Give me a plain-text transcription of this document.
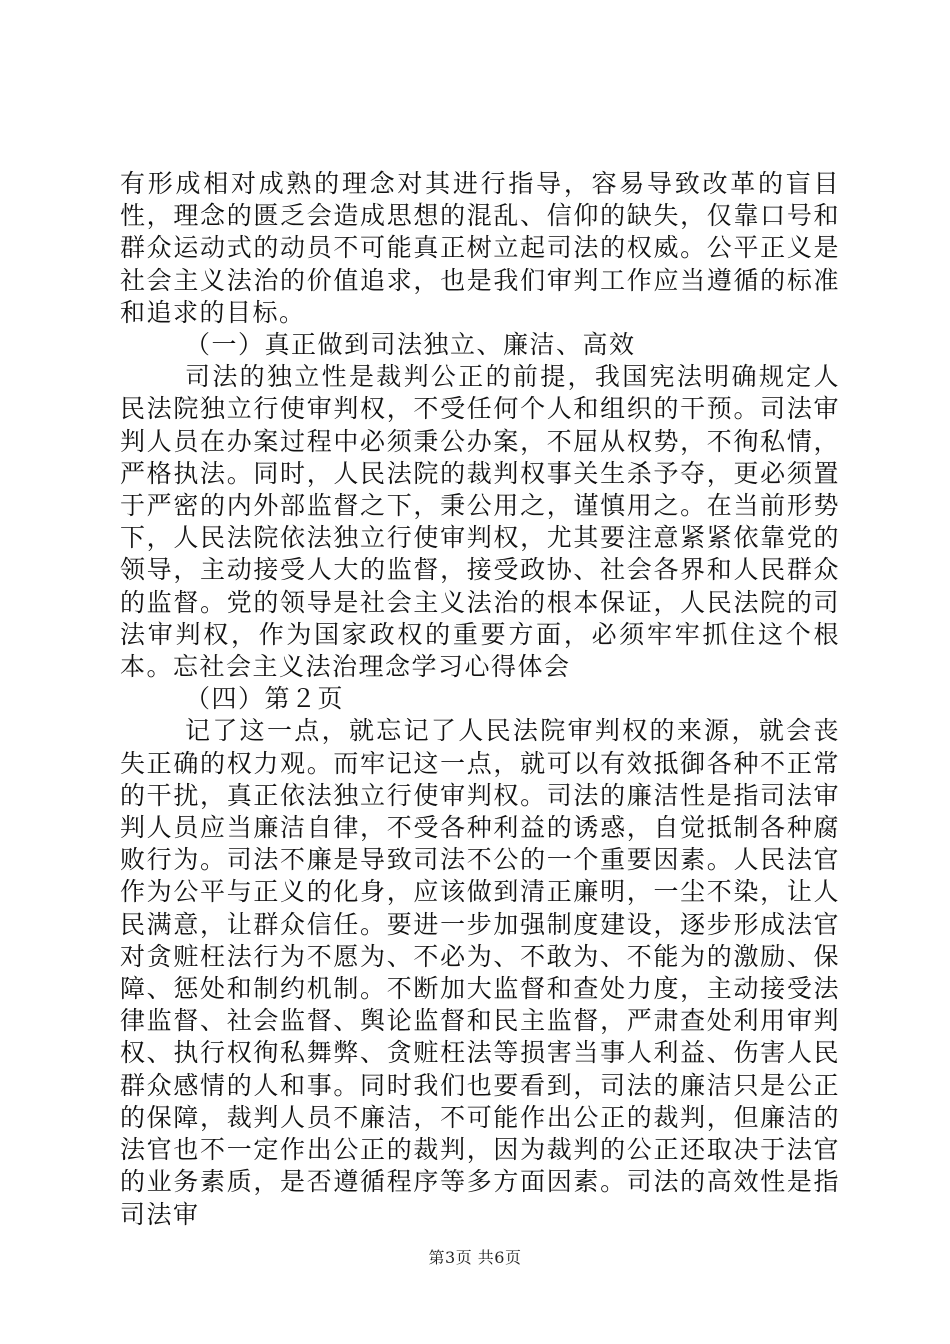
有形成相对成熟的理念对其进行指导，容易导致改革的盲目性，理念的匮乏会造成思想的混乱、信仰的缺失，仅靠口号和群众运动式的动员不可能真正树立起司法的权威。公平正义是社会主义法治的价值追求，也是我们审判工作应当遵循的标准和追求的目标。

（一）真正做到司法独立、廉洁、高效

司法的独立性是裁判公正的前提，我国宪法明确规定人民法院独立行使审判权，不受任何个人和组织的干预。司法审判人员在办案过程中必须秉公办案，不屈从权势，不徇私情，严格执法。同时，人民法院的裁判权事关生杀予夺，更必须置于严密的内外部监督之下，秉公用之，谨慎用之。在当前形势下，人民法院依法独立行使审判权，尤其要注意紧紧依靠党的领导，主动接受人大的监督，接受政协、社会各界和人民群众的监督。党的领导是社会主义法治的根本保证，人民法院的司法审判权，作为国家政权的重要方面，必须牢牢抓住这个根本。忘社会主义法治理念学习心得体会

（四）第２页

记了这一点，就忘记了人民法院审判权的来源，就会丧失正确的权力观。而牢记这一点，就可以有效抵御各种不正常的干扰，真正依法独立行使审判权。司法的廉洁性是指司法审判人员应当廉洁自律，不受各种利益的诱惑，自觉抵制各种腐败行为。司法不廉是导致司法不公的一个重要因素。人民法官作为公平与正义的化身，应该做到清正廉明，一尘不染，让人民满意，让群众信任。要进一步加强制度建设，逐步形成法官对贪赃枉法行为不愿为、不必为、不敢为、不能为的激励、保障、惩处和制约机制。不断加大监督和查处力度，主动接受法律监督、社会监督、舆论监督和民主监督，严肃查处利用审判权、执行权徇私舞弊、贪赃枉法等损害当事人利益、伤害人民群众感情的人和事。同时我们也要看到，司法的廉洁只是公正的保障，裁判人员不廉洁，不可能作出公正的裁判，但廉洁的法官也不一定作出公正的裁判，因为裁判的公正还取决于法官的业务素质，是否遵循程序等多方面因素。司法的高效性是指司法审

第3页 共6页
